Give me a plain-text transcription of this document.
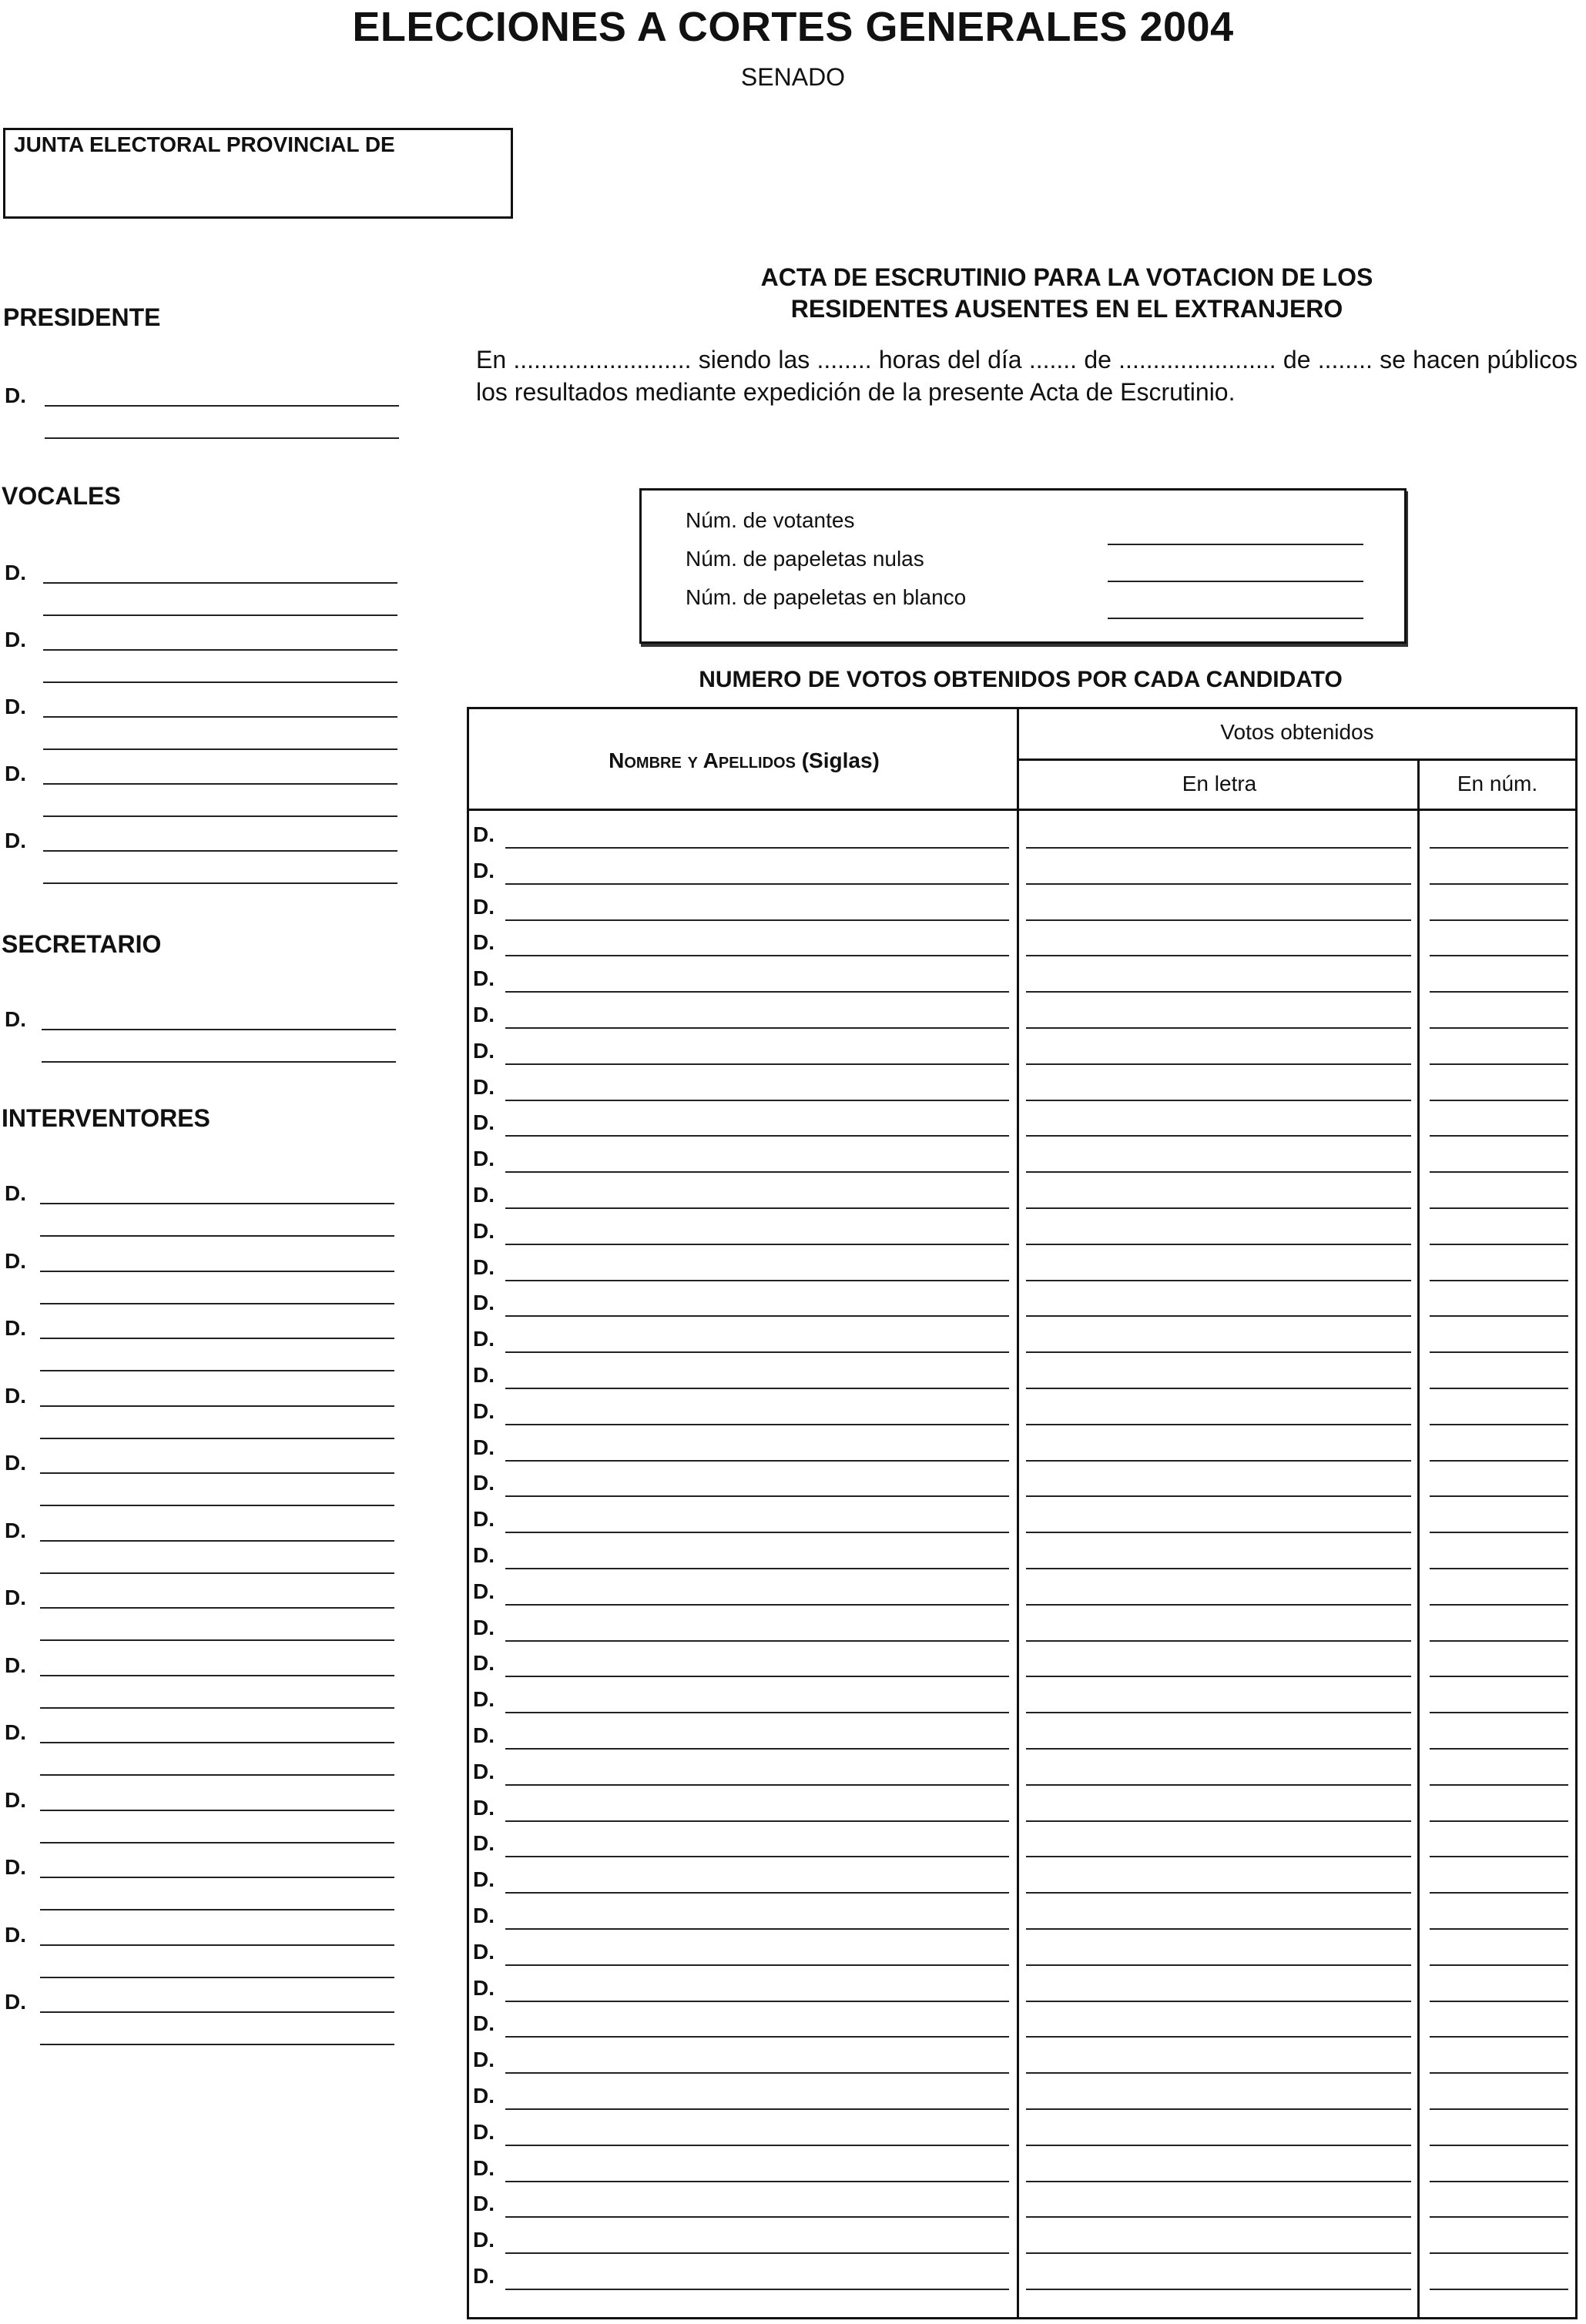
ELECCIONES A CORTES GENERALES 2004
SENADO
JUNTA ELECTORAL PROVINCIAL DE
PRESIDENTE
VOCALES
SECRETARIO
INTERVENTORES
D.
D.
D.
D.
D.
D.
D.
D.
D.
D.
D.
D.
D.
D.
D.
D.
D.
D.
D.
D.
ACTA DE ESCRUTINIO PARA LA VOTACION DE LOS
RESIDENTES AUSENTES EN EL EXTRANJERO
En .......................... siendo las ........ horas del día ....... de ....................... de ........ se hacen públicos los resultados mediante expedición de la presente Acta de Escrutinio.
Núm. de votantes
Núm. de papeletas nulas
Núm. de papeletas en blanco
NUMERO DE VOTOS OBTENIDOS POR CADA CANDIDATO
Nombre y Apellidos (Siglas)
Votos obtenidos
En letra	En núm.
D.
D.
D.
D.
D.
D.
D.
D.
D.
D.
D.
D.
D.
D.
D.
D.
D.
D.
D.
D.
D.
D.
D.
D.
D.
D.
D.
D.
D.
D.
D.
D.
D.
D.
D.
D.
D.
D.
D.
D.
D.
